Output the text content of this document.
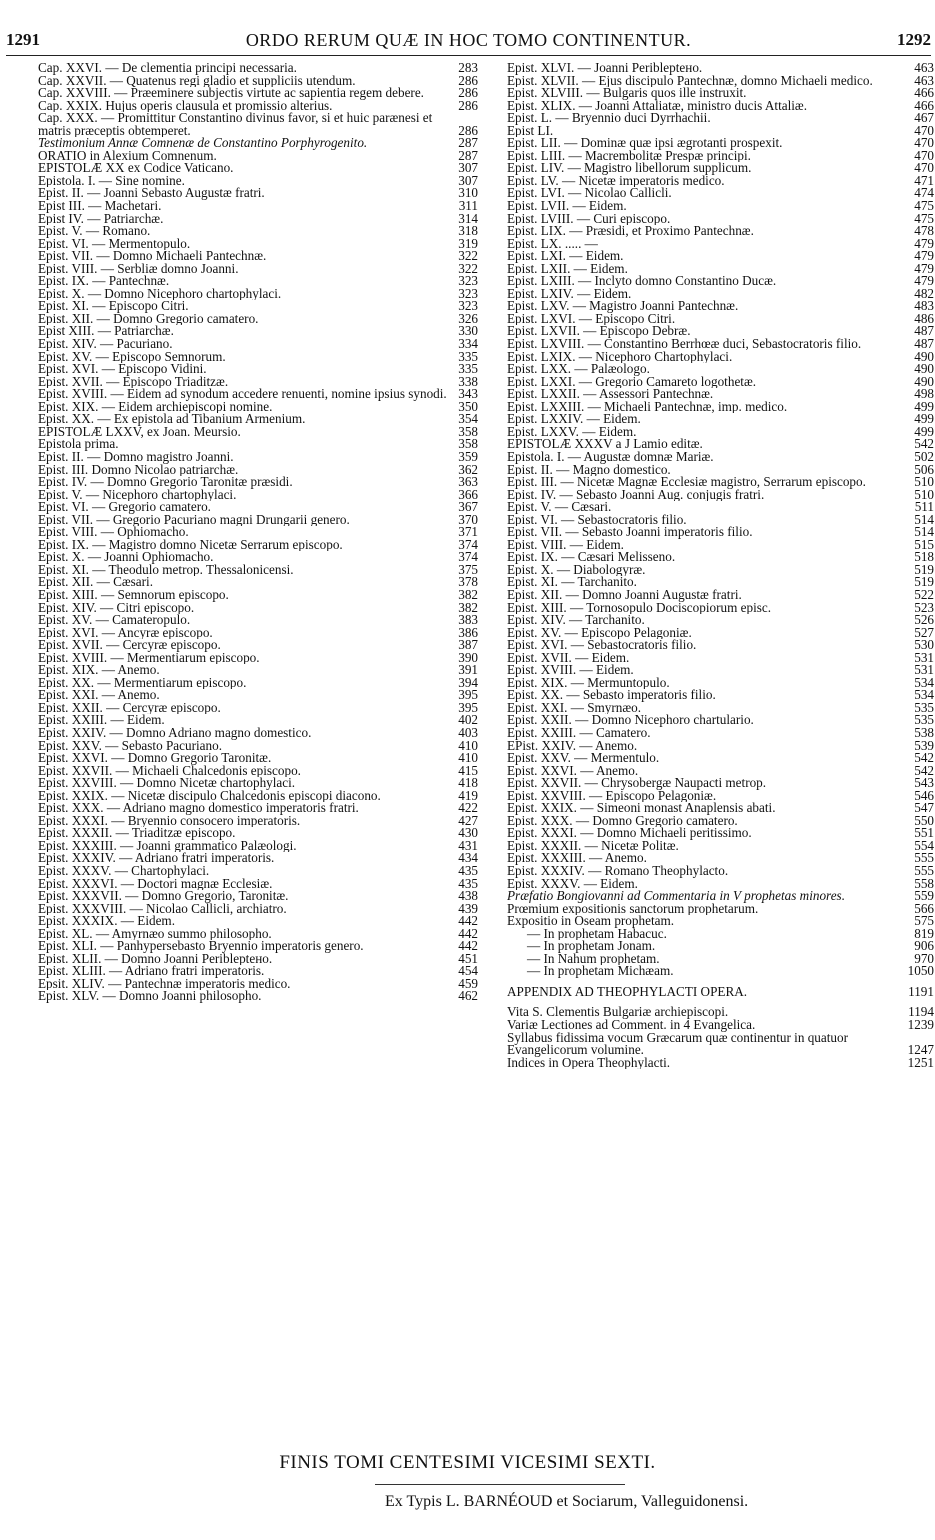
1291	ORDO RERUM QUÆ IN HOC TOMO CONTINENTUR.	1292
Cap. XXVI. — De clementia principi necessaria.	283
Cap. XXVII. — Quatenus regi gladio et suppliciis utendum.	286
Cap. XXVIII. — Præeminere subjectis virtute ac sapientia regem debere.	286
Cap. XXIX. Hujus operis clausula et promissio alterius.	286
Cap. XXX. — Promittitur Constantino divinus favor, si et huic parænesi et matris præceptis obtemperet.	286
Testimonium Annæ Comnenæ de Constantino Porphyrogenito.	287
ORATIO in Alexium Comnenum.	287
EPISTOLÆ XX ex Codice Vaticano.	307
Epistola. I. — Sine nomine.	307
Epist. II. — Joanni Sebasto Augustæ fratri.	310
Epist III. — Machetari.	311
Epist IV. — Patriarchæ.	314
Epist. V. — Romano.	318
Epist. VI. — Mermentopulo.	319
Epist. VII. — Domno Michaeli Pantechnæ.	322
Epist. VIII. — Serbliæ domno Joanni.	322
Epist. IX. — Pantechnæ.	323
Epist. X. — Domno Nicephoro chartophylaci.	323
Epist. XI. — Episcopo Citri.	323
Epist. XII. — Domno Gregorio camatero.	326
Epist XIII. — Patriarchæ.	330
Epist. XIV. — Pacuriano.	334
Epist. XV. — Episcopo Semnorum.	335
Epist. XVI. — Episcopo Vidini.	335
Epist. XVII. — Episcopo Triaditzæ.	338
Epist. XVIII. — Eidem ad synodum accedere renuenti, nomine ipsius synodi. 343
Epist. XIX. — Eidem archiepiscopi nomine.	350
Epist. XX. — Ex epistola ad Tibanium Armenium.	354
EPISTOLÆ LXXV, ex Joan. Meursio.	358
Epistola prima.	358
Epist. II. — Domno magistro Joanni.	359
Epist. III. Domno Nicolao patriarchæ.	362
Epist. IV. — Domno Gregorio Taronitæ præsidi.	363
Epist. V. — Nicephoro chartophylaci.	366
Epist. VI. — Gregorio camatero.	367
Epist. VII. — Gregorio Pacuriano magni Drungarii genero.	370
Epist. VIII. — Ophiomacho.	371
Epist. IX. — Magistro domno Nicetæ Serrarum episcopo.	374
Epist. X. — Joanni Ophiomacho.	374
Epist. XI. — Theodulo metrop. Thessalonicensi.	375
Epist. XII. — Cæsari.	378
Epist. XIII. — Semnorum episcopo.	382
Epist. XIV. — Citri episcopo.	382
Epist. XV. — Camateropulo.	383
Epist. XVI. — Ancyræ episcopo.	386
Epist. XVII. — Cercyræ episcopo.	387
Epist. XVIII. — Mermentiarum episcopo.	390
Epist. XIX. — Anemo.	391
Epist. XX. — Mermentiarum episcopo.	394
Epist. XXI. — Anemo.	395
Epist. XXII. — Cercyræ episcopo.	395
Epist. XXIII. — Eidem.	402
Epist. XXIV. — Domno Adriano magno domestico.	403
Epist. XXV. — Sebasto Pacuriano.	410
Epist. XXVI. — Domno Gregorio Taronitæ.	410
Epist. XXVII. — Michaeli Chalcedonis episcopo.	415
Epist. XXVIII. — Domno Nicetæ chartophylaci.	418
Epist. XXIX. — Nicetæ discipulo Chalcedonis episcopi diacono.	419
Epist. XXX. — Adriano magno domestico imperatoris fratri.	422
Epist. XXXI. — Bryennio consocero imperatoris.	427
Epist. XXXII. — Triaditzæ episcopo.	430
Epist. XXXIII. — Joanni grammatico Palæologi.	431
Epist. XXXIV. — Adriano fratri imperatoris.	434
Epist. XXXV. — Chartophylaci.	435
Epist. XXXVI. — Doctori magnæ Ecclesiæ.	435
Epist. XXXVII. — Domno Gregorio, Taronitæ.	438
Epist. XXXVIII. — Nicolao Callicli, archiatro.	439
Epist. XXXIX. — Eidem.	442
Epist. XL. — Amyrnæo summo philosopho.	442
Epist. XLI. — Panhypersebasto Bryennio imperatoris genero.	442
Epist. XLII. — Domno Joanni Peribleptено.	451
Epist. XLIII. — Adriano fratri imperatoris.	454
Epsit. XLIV. — Pantechnæ imperatoris medico.	459
Epist. XLV. — Domno Joanni philosopho.	462
Epist. XLVI. — Joanni Peribleptено.	463
Epist. XLVII. — Ejus discipulo Pantechnæ, domno Michaeli medico.	463
Epist. XLVIII. — Bulgaris quos ille instruxit.	466
Epist. XLIX. — Joanni Attaliatæ, ministro ducis Attaliæ.	466
Epist. L. — Bryennio duci Dyrrhachii.	467
Epist LI.	470
Epist. LII. — Dominæ quæ ipsi ægrotanti prospexit.	470
Epist. LIII. — Macrembolitæ Prespæ principi.	470
Epist. LIV. — Magistro libellorum supplicum.	470
Epist. LV. — Nicetæ imperatoris medico.	471
Epist. LVI. — Nicolao Callicli.	474
Epist. LVII. — Eidem.	475
Epist. LVIII. — Curi episcopo.	475
Epist. LIX. — Præsidi, et Proximo Pantechnæ.	478
Epist. LX. ..... —	479
Epist. LXI. — Eidem.	479
Epist. LXII. — Eidem.	479
Epist. LXIII. — Inclyto domno Constantino Ducæ.	479
Epist. LXIV. — Eidem.	482
Epist. LXV. — Magistro Joanni Pantechnæ.	483
Epist. LXVI. — Episcopo Citri.	486
Epist. LXVII. — Episcopo Debræ.	487
Epist. LXVIII. — Constantino Berrhœæ duci, Sebastocratoris filio.	487
Epist. LXIX. — Nicephoro Chartophylaci.	490
Epist. LXX. — Palæologo.	490
Epist. LXXI. — Gregorio Camareto logothetæ.	490
Epist. LXXII. — Assessori Pantechnæ.	498
Epist. LXXIII. — Michaeli Pantechnæ, imp. medico.	499
Epist. LXXIV. — Eidem.	499
Epist. LXXV. — Eidem.	499
EPISTOLÆ XXXV a J Lamio editæ.	542
Epistola. I. — Augustæ domnæ Mariæ.	502
Epist. II. — Magno domestico.	506
Epist. III. — Nicetæ Magnæ Ecclesiæ magistro, Serrarum episcopo.	510
Epist. IV. — Sebasto Joanni Aug. conjugis fratri.	510
Epist. V. — Cæsari.	511
Epist. VI. — Sebastocratoris filio.	514
Epist. VII. — Sebasto Joanni imperatoris filio.	514
Epist. VIII. — Eidem.	515
Epist. IX. — Cæsari Melisseno.	518
Epist. X. — Diabologyræ.	519
Epist. XI. — Tarchanito.	519
Epist. XII. — Domno Joanni Augustæ fratri.	522
Epist. XIII. — Tornosopulo Docisсopiorum episc.	523
Epist. XIV. — Tarchanito.	526
Epist. XV. — Episcopo Pelagoniæ.	527
Epist. XVI. — Sebastocratoris filio.	530
Epist. XVII. — Eidem.	531
Epist. XVIII. — Eidem.	531
Epist. XIX. — Mermuntopulo.	534
Epist. XX. — Sebasto imperatoris filio.	534
Epist. XXI. — Smyrnæo.	535
Epist. XXII. — Domno Nicephoro chartulario.	535
Epist. XXIII. — Camatero.	538
EPist. XXIV. — Anemo.	539
Epist. XXV. — Mermentulo.	542
Epist. XXVI. — Anemo.	542
Epist. XXVII. — Chrysobergæ Naupacti metrop.	543
Epist. XXVIII. — Episcopo Pelagoniæ.	546
Epist. XXIX. — Simeoni monast Anaplensis abati.	547
Epist. XXX. — Domno Gregorio camatero.	550
Epist. XXXI. — Domno Michaeli peritissimo.	551
Epist. XXXII. — Nicetæ Politæ.	554
Epist. XXXIII. — Anemo.	555
Epist. XXXIV. — Romano Theophylacto.	555
Epist. XXXV. — Eidem.	558
Præfatio Bongiovanni ad Commentaria in V prophetas minores.	559
Prœmium expositionis sanctorum prophetarum.	566
Expositio in Oseam prophetam.	575
— In prophetam Habacuc.	819
— In prophetam Jonam.	906
— In Nahum prophetam.	970
— In prophetam Michæam.	1050
APPENDIX AD THEOPHYLACTI OPERA.	1191
Vita S. Clementis Bulgariæ archiepiscopi.	1194
Variæ Lectiones ad Comment. in 4 Evangelica.	1239
Syllabus fidissima vocum Græcarum quæ continentur in quatuor Evangelicorum volumine.	1247
Indices in Opera Theophylacti.	1251
FINIS TOMI CENTESIMI VICESIMI SEXTI.
Ex Typis L. BARNÉOUD et Sociarum, Valleguidonensi.
